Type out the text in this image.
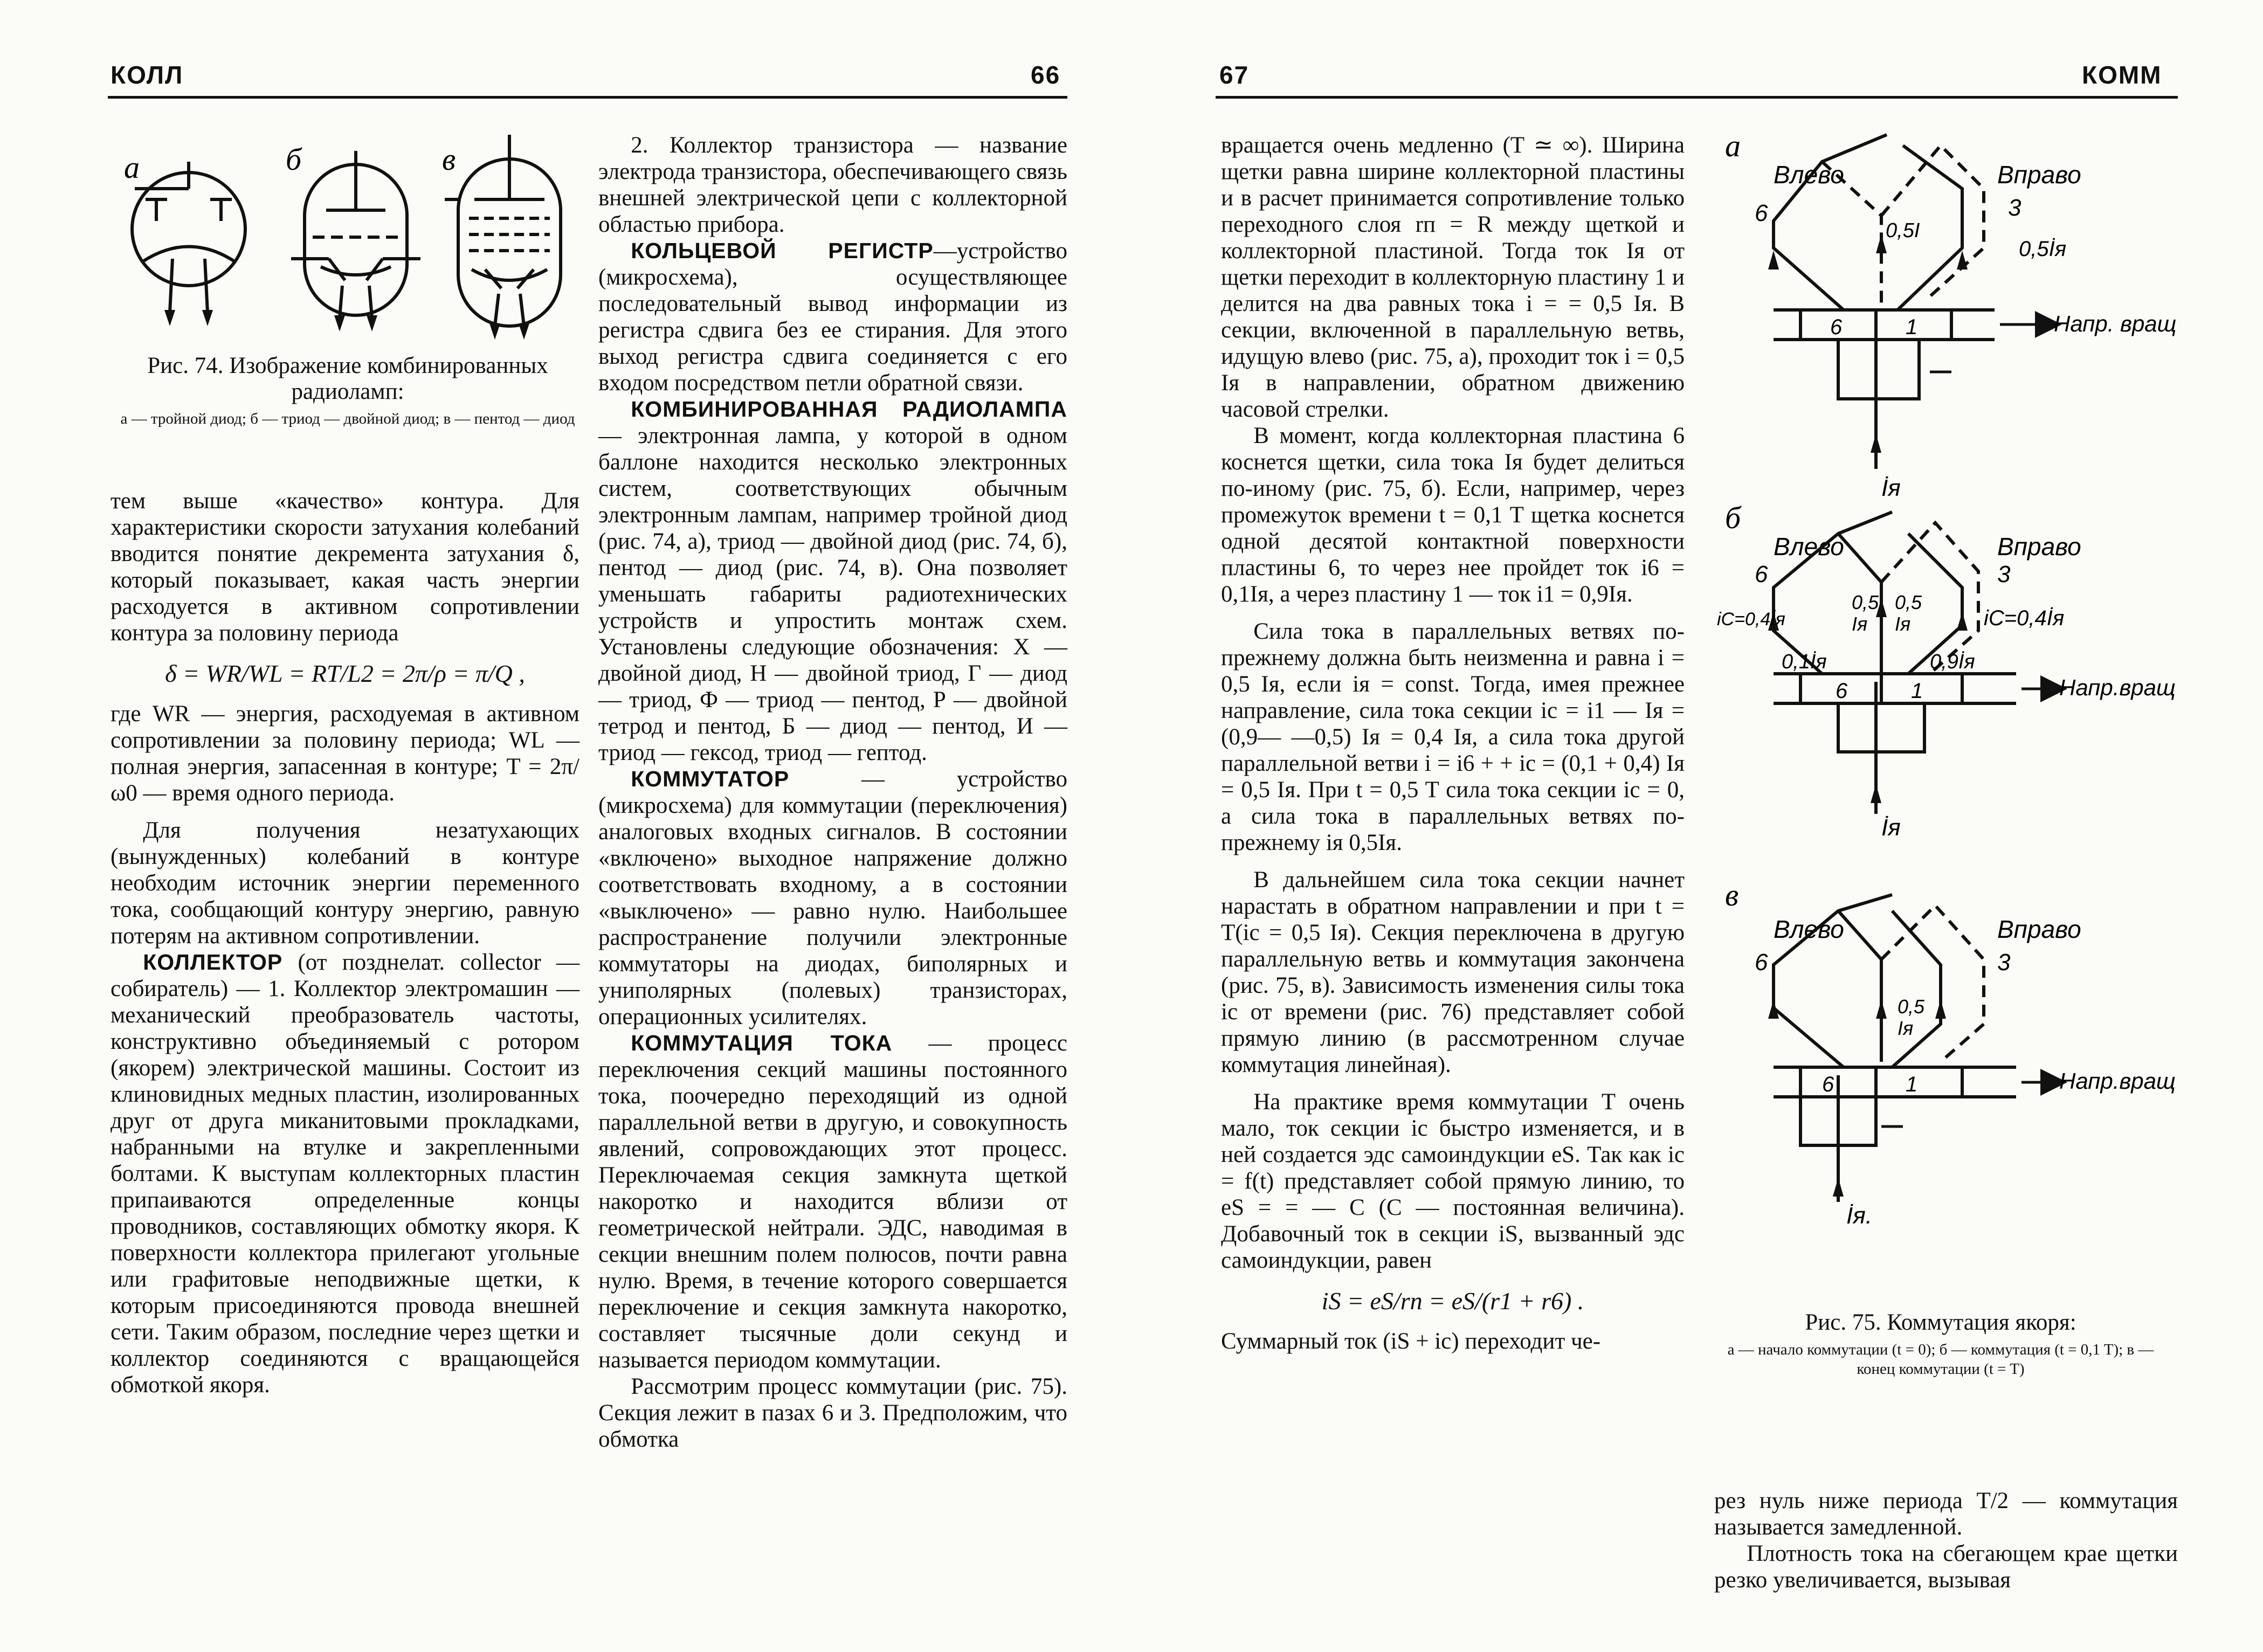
КОЛЛ	66	67	КОММ
а	б	в
Рис. 74. Изображение комбинированных радиоламп:
а — тройной диод; б — триод — двойной диод; в — пентод — диод

тем выше «качество» контура. Для характеристики скорости затухания колебаний вводится понятие декремента затухания δ, который показывает, какая часть энергии расходуется в активном сопротивлении контура за половину периода

δ = WR/WL = RT/L2 = 2π/ρ = π/Q ,

где WR — энергия, расходуемая в активном сопротивлении за половину периода; WL — полная энергия, запасенная в контуре; T = 2π/ω0 — время одного периода.

Для получения незатухающих (вынужденных) колебаний в контуре необходим источник энергии переменного тока, сообщающий контуру энергию, равную потерям на активном сопротивлении.

КОЛЛЕКТОР (от позднелат. collector — собиратель) — 1. Коллектор электромашин — механический преобразователь частоты, конструктивно объединяемый с ротором (якорем) электрической машины. Состоит из клиновидных медных пластин, изолированных друг от друга миканитовыми прокладками, набранными на втулке и закрепленными болтами. К выступам коллекторных пластин припаиваются определенные концы проводников, составляющих обмотку якоря. К поверхности коллектора прилегают угольные или графитовые неподвижные щетки, к которым присоединяются провода внешней сети. Таким образом, последние через щетки и коллектор соединяются с вращающейся обмоткой якоря.

2. Коллектор транзистора — название электрода транзистора, обеспечивающего связь внешней электрической цепи с коллекторной областью прибора.

КОЛЬЦЕВОЙ РЕГИСТР—устройство (микросхема), осуществляющее последовательный вывод информации из регистра сдвига без ее стирания. Для этого выход регистра сдвига соединяется с его входом посредством петли обратной связи.

КОМБИНИРОВАННАЯ РАДИОЛАМПА — электронная лампа, у которой в одном баллоне находится несколько электронных систем, соответствующих обычным электронным лампам, например тройной диод (рис. 74, а), триод — двойной диод (рис. 74, б), пентод — диод (рис. 74, в). Она позволяет уменьшать габариты радиотехнических устройств и упростить монтаж схем. Установлены следующие обозначения: Х — двойной диод, Н — двойной триод, Г — диод — триод, Ф — триод — пентод, Р — двойной тетрод и пентод, Б — диод — пентод, И — триод — гексод, триод — гептод.

КОММУТАТОР	— устройство (микросхема) для коммутации (переключения) аналоговых входных сигналов. В состоянии «включено» выходное напряжение должно соответствовать входному, а в состоянии «выключено» — равно нулю. Наибольшее распространение получили электронные коммутаторы на диодах, биполярных и униполярных (полевых) транзисторах, операционных усилителях.

КОММУТАЦИЯ ТОКА — процесс переключения секций машины постоянного тока, поочередно переходящий из одной параллельной ветви в другую, и совокупность явлений, сопровождающих этот процесс. Переключаемая секция замкнута щеткой накоротко и находится вблизи от геометрической нейтрали. ЭДС, наводимая в секции внешним полем полюсов, почти равна нулю. Время, в течение которого совершается переключение и секция замкнута накоротко, составляет тысячные доли секунд и называется периодом коммутации.

Рассмотрим процесс коммутации (рис. 75). Секция лежит в пазах 6 и 3. Предположим, что обмотка

вращается очень медленно (T ≃ ∞). Ширина щетки равна ширине коллекторной пластины и в расчет принимается сопротивление только переходного слоя rп = R между щеткой и коллекторной пластиной. Тогда ток Iя от щетки переходит в коллекторную пластину 1 и делится на два равных тока i = = 0,5 Iя. В секции, включенной в параллельную ветвь, идущую влево (рис. 75, а), проходит ток i = 0,5 Iя в направлении, обратном движению часовой стрелки.

В момент, когда коллекторная пластина 6 коснется щетки, сила тока Iя будет делиться по-иному (рис. 75, б). Если, например, через промежуток времени t = 0,1 T щетка коснется одной десятой контактной поверхности пластины 6, то через нее пройдет ток i6 = 0,1Iя, а через пластину 1 — ток i1 = 0,9Iя.

Сила тока в параллельных ветвях по-прежнему должна быть неизменна и равна i = 0,5 Iя, если iя = const. Тогда, имея прежнее направление, сила тока секции ic = i1 — Iя = (0,9— —0,5) Iя = 0,4 Iя, а сила тока другой параллельной ветви i = i6 + + ic = (0,1 + 0,4) Iя = 0,5 Iя. При t = 0,5 T сила тока секции ic = 0, а сила тока в параллельных ветвях по-прежнему iя 0,5Iя.

В дальнейшем сила тока секции начнет нарастать в обратном направлении и при t = T(ic = 0,5 Iя). Секция переключена в другую параллельную ветвь и коммутация закончена (рис. 75, в). Зависимость изменения силы тока ic от времени (рис. 76) представляет собой прямую линию (в рассмотренном случае коммутация линейная).

На практике время коммутации T очень мало, ток секции ic быстро изменяется, и в ней создается эдс самоиндукции eS. Так как ic = f(t) представляет собой прямую линию, то eS = = — C (C — постоянная величина). Добавочный ток в секции iS, вызванный эдс самоиндукции, равен

iS = eS/rп = eS/(r1 + r6) .

Суммарный ток (iS + ic) переходит че-

а
Влево	Вправо
6	3
0,5I
0,5İя
6	1	Напр. вращ
İя
б
Влево	Вправо
6	3
iС=0,4İя	iС=0,4İя
0,5
Iя
0,5
Iя
0,1İя	0,9İя
6	1	Напр.вращ
İя
в
Влево	Вправо
6	3
0,5
Iя
6	1	Напр.вращ
İя.
Рис. 75. Коммутация якоря:
а — начало коммутации (t = 0); б — коммутация (t = 0,1 T); в — конец коммутации (t = T)

рез нуль ниже периода T/2 — коммутация называется замедленной.

Плотность тока на сбегающем крае щетки резко увеличивается, вызывая
